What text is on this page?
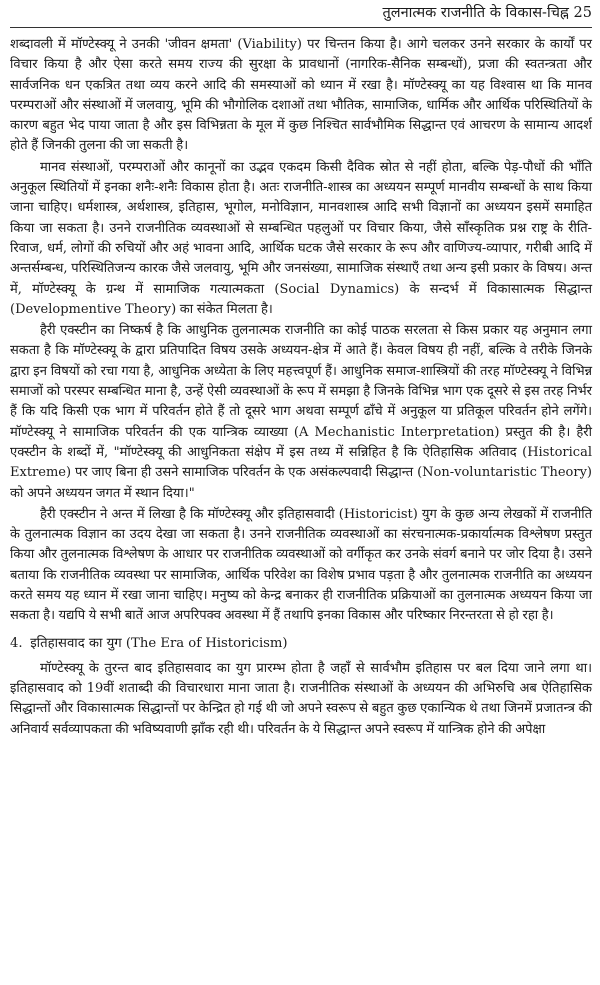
तुलनात्मक राजनीति के विकास-चिह्न 25

शब्दावली में मॉण्टेस्क्यू ने उनकी 'जीवन क्षमता' (Viability) पर चिन्तन किया है। आगे चलकर उनने सरकार के कार्यों पर विचार किया है और ऐसा करते समय राज्य की सुरक्षा के प्रावधानों (नागरिक-सैनिक सम्बन्धों), प्रजा की स्वतन्त्रता और सार्वजनिक धन एकत्रित तथा व्यय करने आदि की समस्याओं को ध्यान में रखा है। मॉण्टेस्क्यू का यह विश्वास था कि मानव परम्पराओं और संस्थाओं में जलवायु, भूमि की भौगोलिक दशाओं तथा भौतिक, सामाजिक, धार्मिक और आर्थिक परिस्थितियों के कारण बहुत भेद पाया जाता है और इस विभिन्नता के मूल में कुछ निश्चित सार्वभौमिक सिद्धान्त एवं आचरण के सामान्य आदर्श होते हैं जिनकी तुलना की जा सकती है।

मानव संस्थाओं, परम्पराओं और कानूनों का उद्भव एकदम किसी दैविक स्रोत से नहीं होता, बल्कि पेड़-पौधों की भाँति अनुकूल स्थितियों में इनका शनैः-शनैः विकास होता है। अतः राजनीति-शास्त्र का अध्ययन सम्पूर्ण मानवीय सम्बन्धों के साथ किया जाना चाहिए। धर्मशास्त्र, अर्थशास्त्र, इतिहास, भूगोल, मनोविज्ञान, मानवशास्त्र आदि सभी विज्ञानों का अध्ययन इसमें समाहित किया जा सकता है। उनने राजनीतिक व्यवस्थाओं से सम्बन्धित पहलुओं पर विचार किया, जैसे साँस्कृतिक प्रश्न राष्ट्र के रीति-रिवाज, धर्म, लोगों की रुचियों और अहं भावना आदि, आर्थिक घटक जैसे सरकार के रूप और वाणिज्य-व्यापार, गरीबी आदि में अन्तर्सम्बन्ध, परिस्थितिजन्य कारक जैसे जलवायु, भूमि और जनसंख्या, सामाजिक संस्थाएँ तथा अन्य इसी प्रकार के विषय। अन्त में, मॉण्टेस्क्यू के ग्रन्थ में सामाजिक गत्यात्मकता (Social Dynamics) के सन्दर्भ में विकासात्मक सिद्धान्त (Developmentive Theory) का संकेत मिलता है।

हैरी एक्स्टीन का निष्कर्ष है कि आधुनिक तुलनात्मक राजनीति का कोई पाठक सरलता से किस प्रकार यह अनुमान लगा सकता है कि मॉण्टेस्क्यू के द्वारा प्रतिपादित विषय उसके अध्ययन-क्षेत्र में आते हैं। केवल विषय ही नहीं, बल्कि वे तरीके जिनके द्वारा इन विषयों को रचा गया है, आधुनिक अध्येता के लिए महत्त्वपूर्ण हैं। आधुनिक समाज-शास्त्रियों की तरह मॉण्टेस्क्यू ने विभिन्न समाजों को परस्पर सम्बन्धित माना है, उन्हें ऐसी व्यवस्थाओं के रूप में समझा है जिनके विभिन्न भाग एक दूसरे से इस तरह निर्भर हैं कि यदि किसी एक भाग में परिवर्तन होते हैं तो दूसरे भाग अथवा सम्पूर्ण ढाँचे में अनुकूल या प्रतिकूल परिवर्तन होने लगेंगे। मॉण्टेस्क्यू ने सामाजिक परिवर्तन की एक यान्त्रिक व्याख्या (A Mechanistic Interpretation) प्रस्तुत की है। हैरी एक्स्टीन के शब्दों में, "मॉण्टेस्क्यू की आधुनिकता संक्षेप में इस तथ्य में सन्निहित है कि ऐतिहासिक अतिवाद (Historical Extreme) पर जाए बिना ही उसने सामाजिक परिवर्तन के एक असंकल्पवादी सिद्धान्त (Non-voluntaristic Theory) को अपने अध्ययन जगत में स्थान दिया।"

हैरी एक्स्टीन ने अन्त में लिखा है कि मॉण्टेस्क्यू और इतिहासवादी (Historicist) युग के कुछ अन्य लेखकों में राजनीति के तुलनात्मक विज्ञान का उदय देखा जा सकता है। उनने राजनीतिक व्यवस्थाओं का संरचनात्मक-प्रकार्यात्मक विश्लेषण प्रस्तुत किया और तुलनात्मक विश्लेषण के आधार पर राजनीतिक व्यवस्थाओं को वर्गीकृत कर उनके संवर्ग बनाने पर जोर दिया है। उसने बताया कि राजनीतिक व्यवस्था पर सामाजिक, आर्थिक परिवेश का विशेष प्रभाव पड़ता है और तुलनात्मक राजनीति का अध्ययन करते समय यह ध्यान में रखा जाना चाहिए। मनुष्य को केन्द्र बनाकर ही राजनीतिक प्रक्रियाओं का तुलनात्मक अध्ययन किया जा सकता है। यद्यपि ये सभी बातें आज अपरिपक्व अवस्था में हैं तथापि इनका विकास और परिष्कार निरन्तरता से हो रहा है।

4. इतिहासवाद का युग (The Era of Historicism)

मॉण्टेस्क्यू के तुरन्त बाद इतिहासवाद का युग प्रारम्भ होता है जहाँ से सार्वभौम इतिहास पर बल दिया जाने लगा था। इतिहासवाद को 19वीं शताब्दी की विचारधारा माना जाता है। राजनीतिक संस्थाओं के अध्ययन की अभिरुचि अब ऐतिहासिक सिद्धान्तों और विकासात्मक सिद्धान्तों पर केन्द्रित हो गई थी जो अपने स्वरूप से बहुत कुछ एकान्यिक थे तथा जिनमें प्रजातन्त्र की अनिवार्य सर्वव्यापकता की भविष्यवाणी झाँक रही थी। परिवर्तन के ये सिद्धान्त अपने स्वरूप में यान्त्रिक होने की अपेक्षा
